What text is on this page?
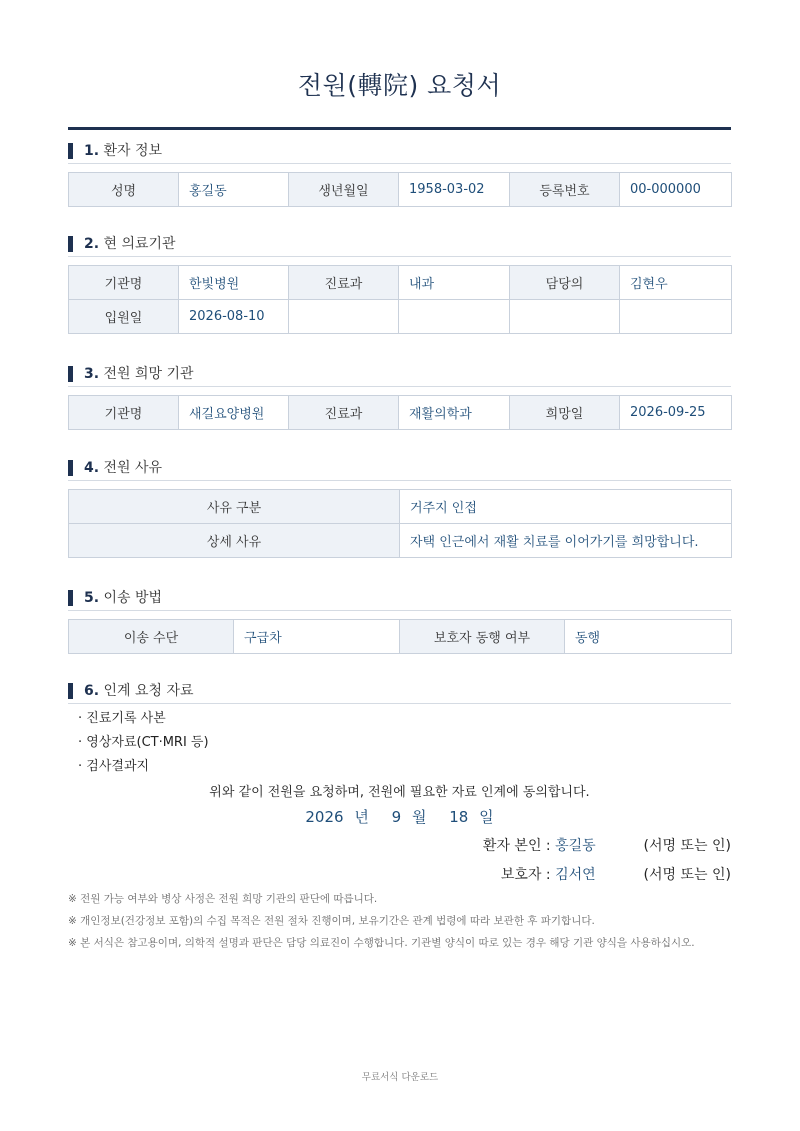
전원(轉院) 요청서
1. 환자 정보
성명	홍길동	생년월일	1958-03-02	등록번호	00-000000
2. 현 의료기관
기관명	한빛병원	진료과	내과	담당의	김현우
입원일	2026-08-10				
3. 전원 희망 기관
기관명	새길요양병원	진료과	재활의학과	희망일	2026-09-25
4. 전원 사유
사유 구분	거주지 인접
상세 사유	자택 인근에서 재활 치료를 이어가기를 희망합니다.
5. 이송 방법
이송 수단	구급차	보호자 동행 여부	동행
6. 인계 요청 자료
· 진료기록 사본
· 영상자료(CT·MRI 등)
· 검사결과지
위와 같이 전원을 요청하며, 전원에 필요한 자료 인계에 동의합니다.
2026 년 9 월 18 일
환자 본인 : 홍길동	(서명 또는 인)
보호자 : 김서연	(서명 또는 인)
※ 전원 가능 여부와 병상 사정은 전원 희망 기관의 판단에 따릅니다.
※ 개인정보(건강정보 포함)의 수집 목적은 전원 절차 진행이며, 보유기간은 관계 법령에 따라 보관한 후 파기합니다.
※ 본 서식은 참고용이며, 의학적 설명과 판단은 담당 의료진이 수행합니다. 기관별 양식이 따로 있는 경우 해당 기관 양식을 사용하십시오.
무료서식 다운로드
